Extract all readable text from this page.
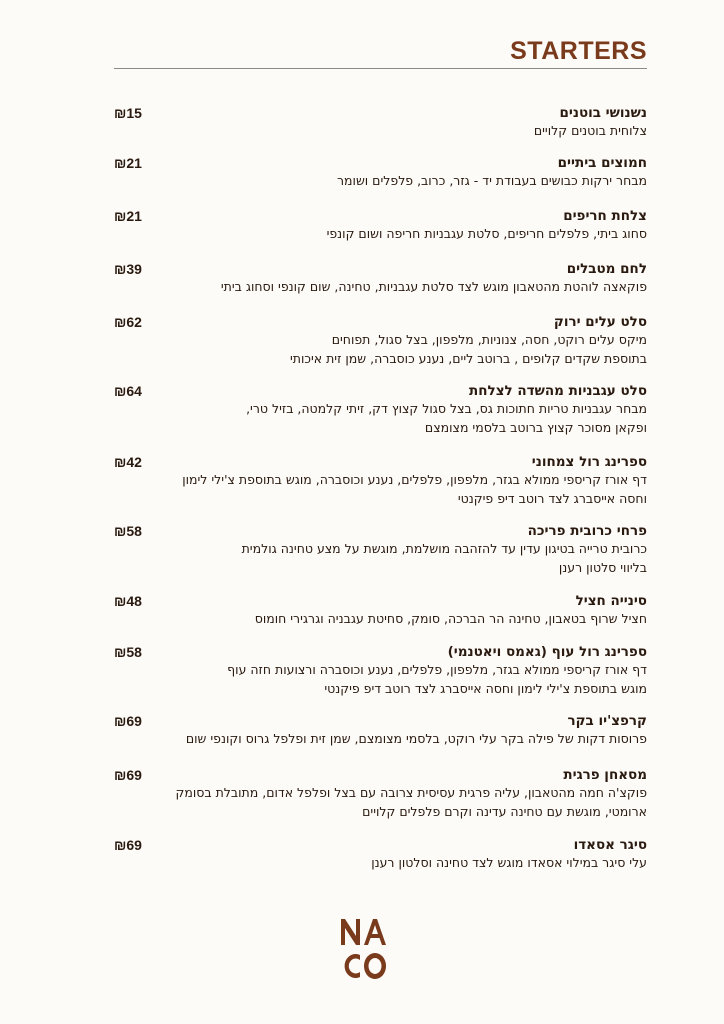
STARTERS
₪15	נשנושי בוטנים

צלוחית בוטנים קלויים

₪21	חמוצים ביתיים

מבחר ירקות כבושים בעבודת יד - גזר, כרוב, פלפלים ושומר

₪21	צלחת חריפים

סחוג ביתי, פלפלים חריפים, סלטת עגבניות חריפה ושום קונפי

₪39	לחם מטבלים

פוקאצה לוהטת מהטאבון מוגש לצד סלטת עגבניות, טחינה, שום קונפי וסחוג ביתי

₪62	סלט עלים ירוק

מיקס עלים רוקט, חסה, צנוניות, מלפפון, בצל סגול, תפוחים

בתוספת שקדים קלופים , ברוטב ליים, נענע כוסברה, שמן זית איכותי

₪64	סלט עגבניות מהשדה לצלחת

מבחר עגבניות טריות חתוכות גס, בצל סגול קצוץ דק, זיתי קלמטה, בזיל טרי,

ופקאן מסוכר קצוץ ברוטב בלסמי מצומצם

₪42	ספרינג רול צמחוני

דף אורז קריספי ממולא בגזר, מלפפון, פלפלים, נענע וכוסברה, מוגש בתוספת צ'ילי לימון

וחסה אייסברג לצד רוטב דיפ פיקנטי

₪58	פרחי כרובית פריכה

כרובית טרייה בטיגון עדין עד להזהבה מושלמת, מוגשת על מצע טחינה גולמית

בליווי סלטון רענן

₪48	סינייה חציל

חציל שרוף בטאבון, טחינה הר הברכה, סומק, סחיטת עגבניה וגרגירי חומוס

₪58	ספרינג רול עוף (גאמס ויאטנמי)

דף אורז קריספי ממולא בגזר, מלפפון, פלפלים, נענע וכוסברה ורצועות חזה עוף

מוגש בתוספת צ'ילי לימון וחסה אייסברג לצד רוטב דיפ פיקנטי

₪69	קרפצ'יו בקר

פרוסות דקות של פילה בקר עלי רוקט, בלסמי מצומצם, שמן זית ופלפל גרוס וקונפי שום

₪69	מסאחן פרגית

פוקצ'ה חמה מהטאבון, עליה פרגית עסיסית צרובה עם בצל ופלפל אדום, מתובלת בסומק

ארומטי, מוגשת עם טחינה עדינה וקרם פלפלים קלויים

₪69	סיגר אסאדו

עלי סיגר במילוי אסאדו מוגש לצד טחינה וסלטון רענן
